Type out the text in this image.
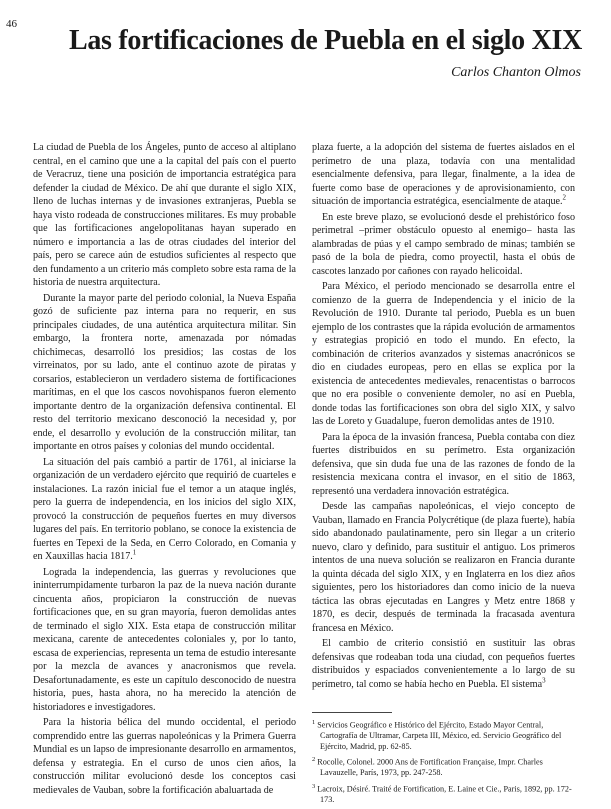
46
Las fortificaciones de Puebla en el siglo XIX
Carlos Chanton Olmos

La ciudad de Puebla de los Ángeles, punto de acceso al altiplano central, en el camino que une a la capital del país con el puerto de Veracruz, tiene una posición de importancia estratégica para defender la ciudad de México. De ahí que durante el siglo XIX, lleno de luchas internas y de invasiones extranjeras, Puebla se haya visto rodeada de construcciones militares. Es muy probable que las fortificaciones angelopolitanas hayan superado en número e importancia a las de otras ciudades del interior del país, pero se carece aún de estudios suficientes al respecto que den fundamento a un criterio más completo sobre esta rama de la historia de nuestra arquitectura.

Durante la mayor parte del periodo colonial, la Nueva España gozó de suficiente paz interna para no requerir, en sus principales ciudades, de una auténtica arquitectura militar. Sin embargo, la frontera norte, amenazada por nómadas chichimecas, desarrolló los presidios; las costas de los virreinatos, por su lado, ante el continuo azote de piratas y corsarios, establecieron un verdadero sistema de fortificaciones marítimas, en el que los cascos novohispanos fueron elemento importante dentro de la organización defensiva continental. El resto del territorio mexicano desconoció la necesidad y, por ende, el desarrollo y evolución de la construcción militar, tan importante en otros países y colonias del mundo occidental.

La situación del país cambió a partir de 1761, al iniciarse la organización de un verdadero ejército que requirió de cuarteles e instalaciones. La razón inicial fue el temor a un ataque inglés, pero la guerra de independencia, en los inicios del siglo XIX, provocó la construcción de pequeños fuertes en muy diversos lugares del país. En territorio poblano, se conoce la existencia de fuertes en Tepexi de la Seda, en Cerro Colorado, en Comania y en Xauxillas hacia 1817.$^1$

Lograda la independencia, las guerras y revoluciones que ininterrumpidamente turbaron la paz de la nueva nación durante cincuenta años, propiciaron la construcción de nuevas fortificaciones que, en su gran mayoría, fueron demolidas antes de terminado el siglo XIX. Esta etapa de construcción militar mexicana, carente de antecedentes coloniales y, por lo tanto, escasa de experiencias, representa un tema de estudio interesante por la mezcla de avances y anacronismos que revela. Desafortunadamente, es este un capítulo desconocido de nuestra historia, pues, hasta ahora, no ha merecido la atención de historiadores e investigadores.

Para la historia bélica del mundo occidental, el periodo comprendido entre las guerras napoleónicas y la Primera Guerra Mundial es un lapso de impresionante desarrollo en armamentos, defensa y estrategia. En el curso de unos cien años, la construcción militar evolucionó desde los conceptos casi medievales de Vauban, sobre la fortificación abaluartada de

plaza fuerte, a la adopción del sistema de fuertes aislados en el perímetro de una plaza, todavía con una mentalidad esencialmente defensiva, para llegar, finalmente, a la idea de fuerte como base de operaciones y de aprovisionamiento, con situación de importancia estratégica, esencialmente de ataque.$^2$

En este breve plazo, se evolucionó desde el prehistórico foso perimetral –primer obstáculo opuesto al enemigo– hasta las alambradas de púas y el campo sembrado de minas; también se pasó de la bola de piedra, como proyectil, hasta el obús de cascotes lanzado por cañones con rayado helicoidal.

Para México, el periodo mencionado se desarrolla entre el comienzo de la guerra de Independencia y el inicio de la Revolución de 1910. Durante tal periodo, Puebla es un buen ejemplo de los contrastes que la rápida evolución de armamentos y estrategias propició en todo el mundo. En efecto, la combinación de criterios avanzados y sistemas anacrónicos se dio en ciudades europeas, pero en ellas se explica por la existencia de antecedentes medievales, renacentistas o barrocos que no era posible o conveniente demoler, no así en Puebla, donde todas las fortificaciones son obra del siglo XIX, y salvo las de Loreto y Guadalupe, fueron demolidas antes de 1910.

Para la época de la invasión francesa, Puebla contaba con diez fuertes distribuidos en su perímetro. Esta organización defensiva, que sin duda fue una de las razones de fondo de la resistencia mexicana contra el invasor, en el sitio de 1863, representó una verdadera innovación estratégica.

Desde las campañas napoleónicas, el viejo concepto de Vauban, llamado en Francia Polycrétique (de plaza fuerte), había sido abandonado paulatinamente, pero sin llegar a un criterio nuevo, claro y definido, para sustituir el antiguo. Los primeros intentos de una nueva solución se realizaron en Francia durante la quinta década del siglo XIX, y en Inglaterra en los diez años siguientes, pero los historiadores dan como inicio de la nueva táctica las obras ejecutadas en Langres y Metz entre 1868 y 1870, es decir, después de terminada la fracasada aventura francesa en México.

El cambio de criterio consistió en sustituir las obras defensivas que rodeaban toda una ciudad, con pequeños fuertes distribuidos y espaciados convenientemente a lo largo de su perímetro, tal como se había hecho en Puebla. El sistema$^3$

$^1$ Servicios Geográfico e Histórico del Ejército, Estado Mayor Central, Cartografía de Ultramar, Carpeta III, México, ed. Servicio Geográfico del Ejército, Madrid, pp. 62-85.

$^2$ Rocolle, Colonel. 2000 Ans de Fortification Française, Impr. Charles Lavauzelle, París, 1973, pp. 247-258.

$^3$ Lacroix, Désiré. Traité de Fortification, E. Laine et Cie., Paris, 1892, pp. 172-173.
